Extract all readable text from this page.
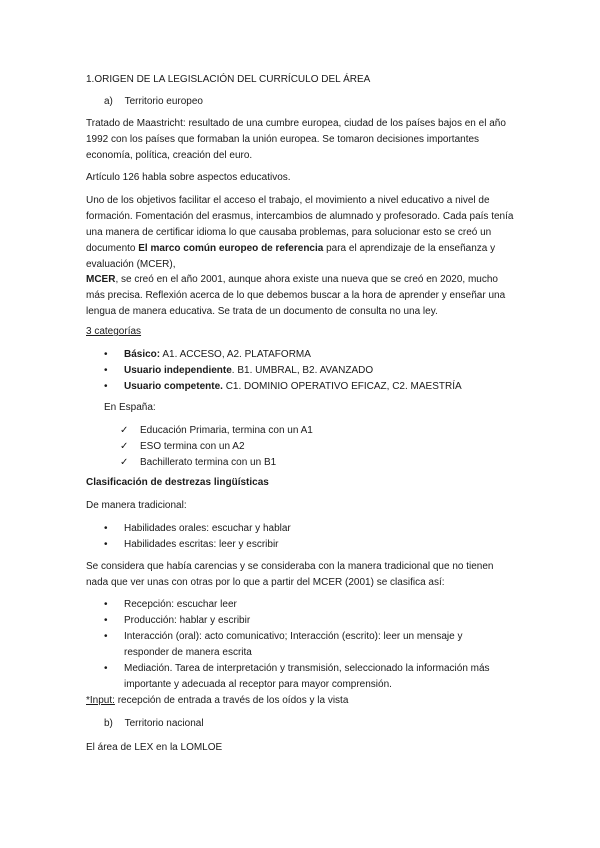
1.ORIGEN DE LA LEGISLACIÓN DEL CURRÍCULO DEL ÁREA

a) Territorio europeo

Tratado de Maastricht: resultado de una cumbre europea, ciudad de los países bajos en el año 1992 con los países que formaban la unión europea. Se tomaron decisiones importantes economía, política, creación del euro.

Artículo 126 habla sobre aspectos educativos.

Uno de los objetivos facilitar el acceso el trabajo, el movimiento a nivel educativo a nivel de formación. Fomentación del erasmus, intercambios de alumnado y profesorado. Cada país tenía una manera de certificar idioma lo que causaba problemas, para solucionar esto se creó un documento El marco común europeo de referencia para el aprendizaje de la enseñanza y evaluación (MCER),

MCER, se creó en el año 2001, aunque ahora existe una nueva que se creó en 2020, mucho más precisa. Reflexión acerca de lo que debemos buscar a la hora de aprender y enseñar una lengua de manera educativa. Se trata de un documento de consulta no una ley.

3 categorías

• Básico: A1. ACCESO, A2. PLATAFORMA
• Usuario independiente. B1. UMBRAL, B2. AVANZADO
• Usuario competente. C1. DOMINIO OPERATIVO EFICAZ, C2. MAESTRÍA

En España:

✓ Educación Primaria, termina con un A1
✓ ESO termina con un A2
✓ Bachillerato termina con un B1

Clasificación de destrezas lingüísticas

De manera tradicional:

• Habilidades orales: escuchar y hablar
• Habilidades escritas: leer y escribir

Se considera que había carencias y se consideraba con la manera tradicional que no tienen nada que ver unas con otras por lo que a partir del MCER (2001) se clasifica así:

• Recepción: escuchar leer
• Producción: hablar y escribir
• Interacción (oral): acto comunicativo; Interacción (escrito): leer un mensaje y responder de manera escrita
• Mediación. Tarea de interpretación y transmisión, seleccionado la información más importante y adecuada al receptor para mayor comprensión.

*Input: recepción de entrada a través de los oídos y la vista

b) Territorio nacional

El área de LEX en la LOMLOE
